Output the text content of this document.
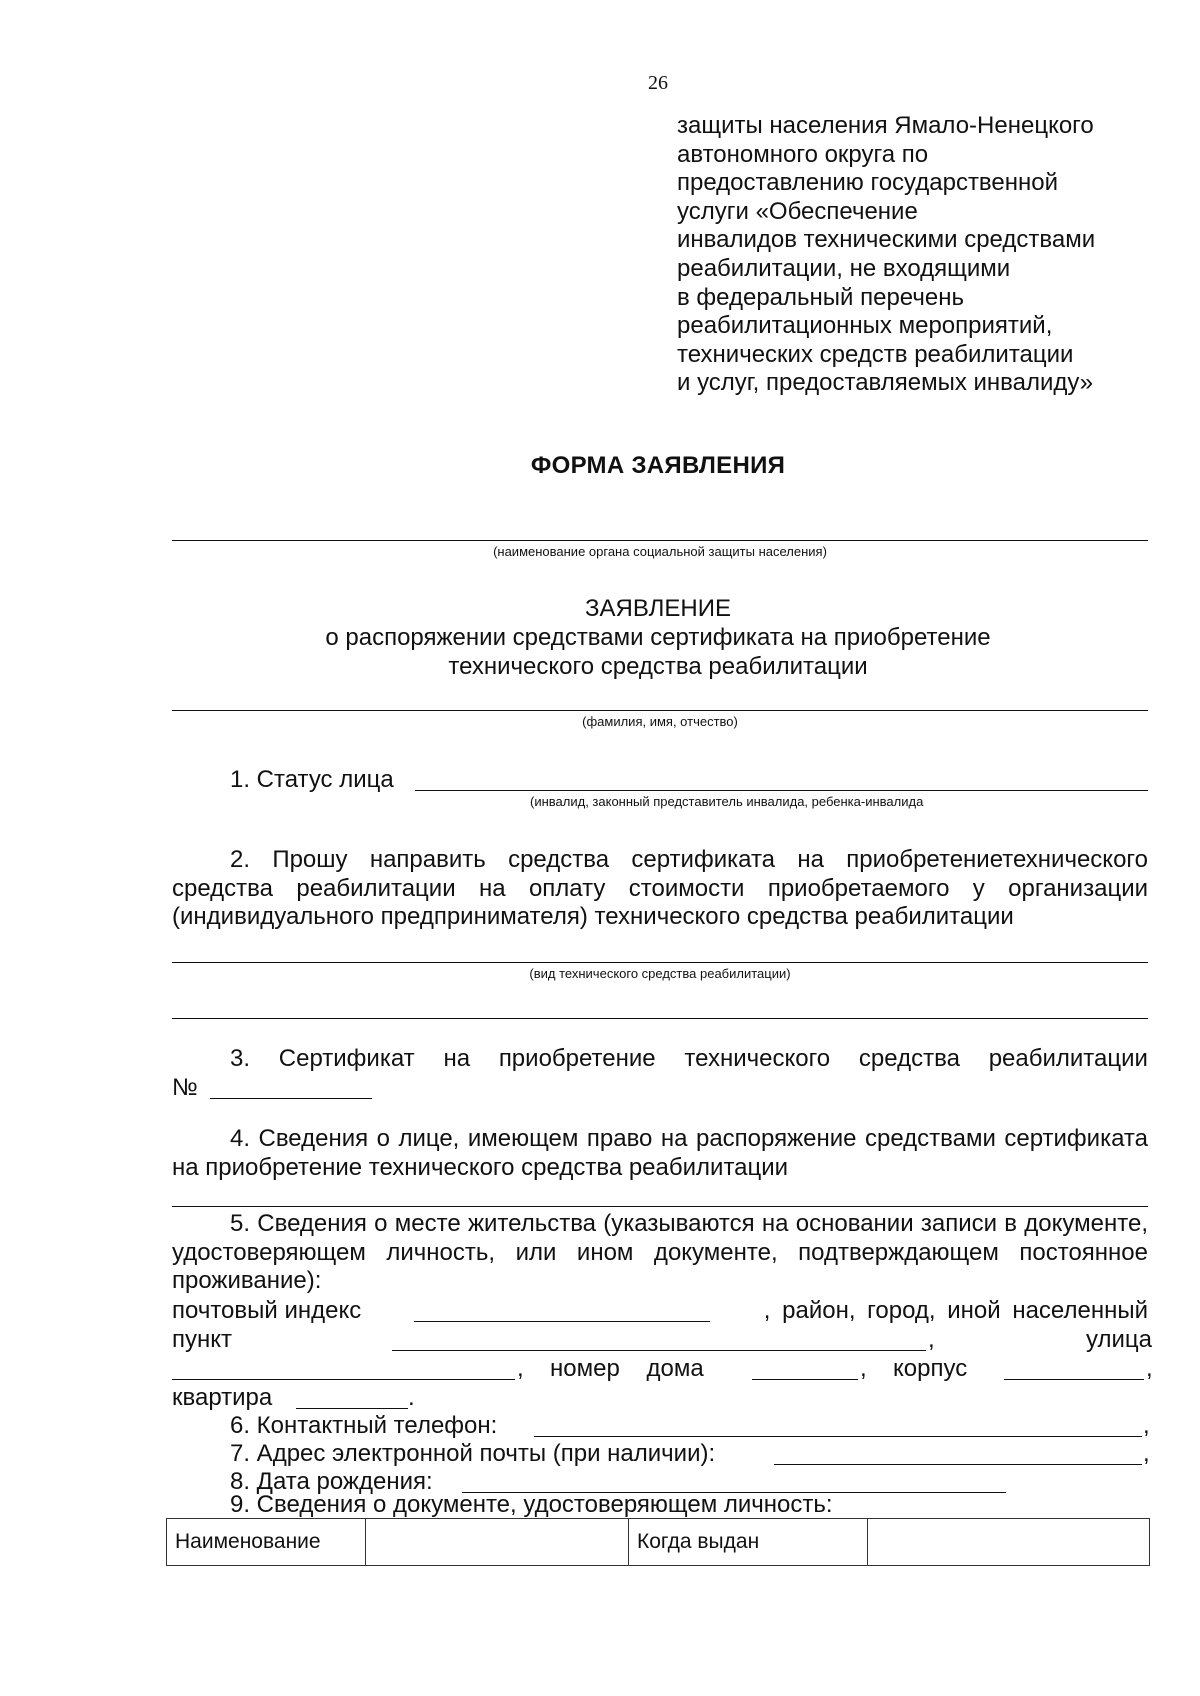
26
защиты населения Ямало-Ненецкого
автономного округа по
предоставлению государственной
услуги «Обеспечение
инвалидов техническими средствами
реабилитации, не входящими
в федеральный перечень
реабилитационных мероприятий,
технических средств реабилитации
и услуг, предоставляемых инвалиду»
ФОРМА ЗАЯВЛЕНИЯ
(наименование органа социальной защиты населения)
ЗАЯВЛЕНИЕ
о распоряжении средствами сертификата на приобретение
технического средства реабилитации
(фамилия, имя, отчество)
1. Статус лица
(инвалид, законный представитель инвалида, ребенка-инвалида
2. Прошу направить средства сертификата на приобретениетехнического средства реабилитации на оплату стоимости приобретаемого у организации (индивидуального предпринимателя) технического средства реабилитации
(вид технического средства реабилитации)
3. Сертификат на приобретение технического средства реабилитации
№
4. Сведения о лице, имеющем право на распоряжение средствами сертификата на приобретение технического средства реабилитации
5. Сведения о месте жительства (указываются на основании записи в документе, удостоверяющем личность, или ином документе, подтверждающем постоянное проживание):
почтовый индекс	, район, город, иной населенный
пункт	,	улица
, номер дома	, корпус	,
квартира	.
6. Контактный телефон:	,
7. Адрес электронной почты (при наличии):	,
8. Дата рождения:
9. Сведения о документе, удостоверяющем личность:
Наименование		Когда выдан	
